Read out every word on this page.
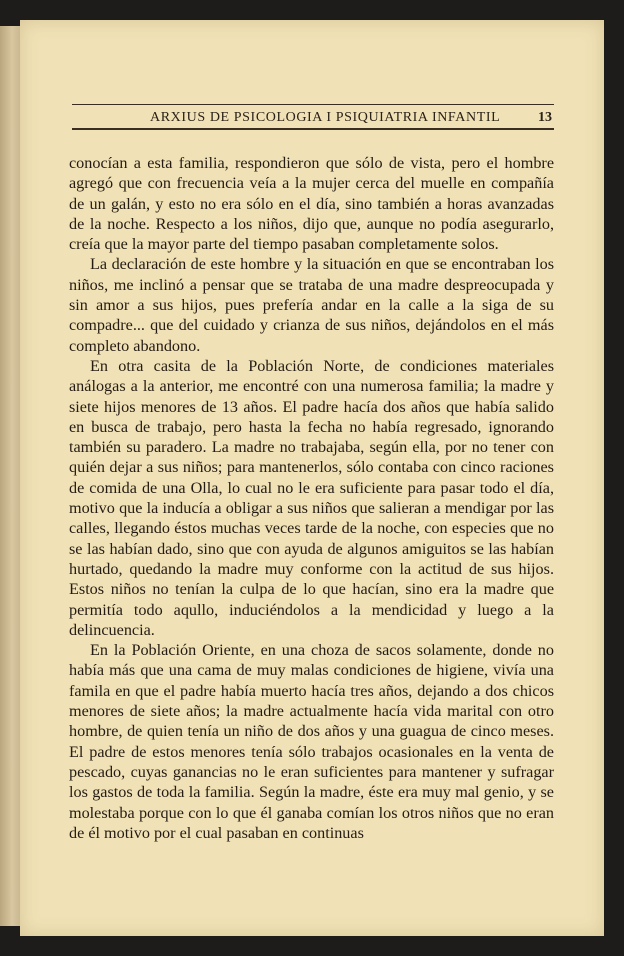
ARXIUS DE PSICOLOGIA I PSIQUIATRIA INFANTIL	13

conocían a esta familia, respondieron que sólo de vista, pero el hombre agregó que con frecuencia veía a la mujer cerca del muelle en compañía de un galán, y esto no era sólo en el día, sino también a horas avanzadas de la noche. Respecto a los niños, dijo que, aunque no podía asegurarlo, creía que la mayor parte del tiempo pasaban completamente solos.

La declaración de este hombre y la situación en que se encontraban los niños, me inclinó a pensar que se trataba de una madre despreocupada y sin amor a sus hijos, pues prefería andar en la calle a la siga de su compadre... que del cuidado y crianza de sus niños, dejándolos en el más completo abandono.

En otra casita de la Población Norte, de condiciones materiales análogas a la anterior, me encontré con una numerosa familia; la madre y siete hijos menores de 13 años. El padre hacía dos años que había salido en busca de trabajo, pero hasta la fecha no había regresado, ignorando también su paradero. La madre no trabajaba, según ella, por no tener con quién dejar a sus niños; para mantenerlos, sólo contaba con cinco raciones de comida de una Olla, lo cual no le era suficiente para pasar todo el día, motivo que la inducía a obligar a sus niños que salieran a mendigar por las calles, llegando éstos muchas veces tarde de la noche, con especies que no se las habían dado, sino que con ayuda de algunos amiguitos se las habían hurtado, quedando la madre muy conforme con la actitud de sus hijos. Estos niños no tenían la culpa de lo que hacían, sino era la madre que permitía todo aqullo, induciéndolos a la mendicidad y luego a la delincuencia.

En la Población Oriente, en una choza de sacos solamente, donde no había más que una cama de muy malas condiciones de higiene, vivía una famila en que el padre había muerto hacía tres años, dejando a dos chicos menores de siete años; la madre actualmente hacía vida marital con otro hombre, de quien tenía un niño de dos años y una guagua de cinco meses. El padre de estos menores tenía sólo trabajos ocasionales en la venta de pescado, cuyas ganancias no le eran suficientes para mantener y sufragar los gastos de toda la familia. Según la madre, éste era muy mal genio, y se molestaba porque con lo que él ganaba comían los otros niños que no eran de él motivo por el cual pasaban en continuas
